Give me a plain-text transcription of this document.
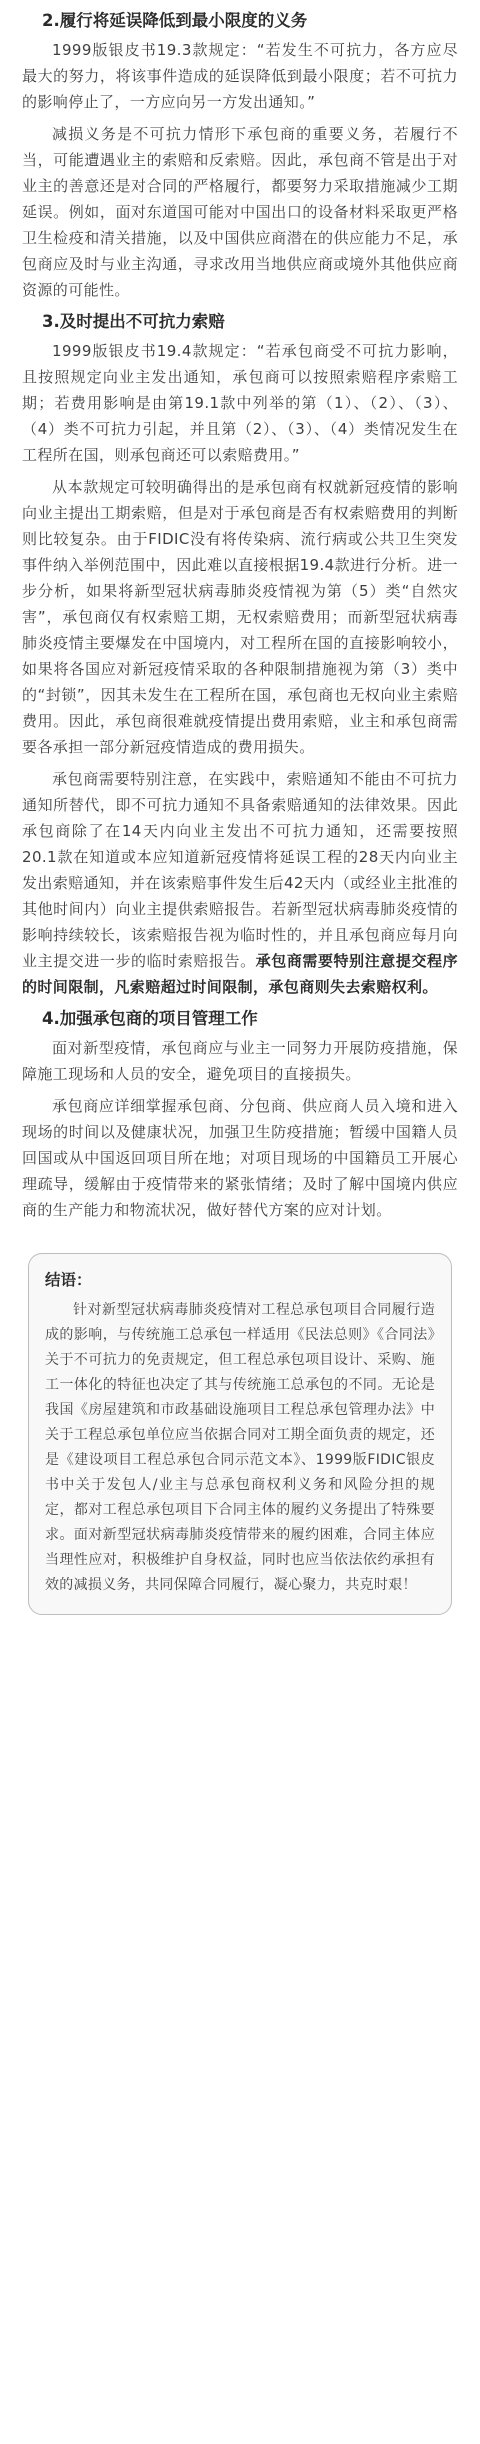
2.履行将延误降低到最小限度的义务

1999版银皮书19.3款规定：“若发生不可抗力，各方应尽最大的努力，将该事件造成的延误降低到最小限度；若不可抗力的影响停止了，一方应向另一方发出通知。”

减损义务是不可抗力情形下承包商的重要义务，若履行不当，可能遭遇业主的索赔和反索赔。因此，承包商不管是出于对业主的善意还是对合同的严格履行，都要努力采取措施减少工期延误。例如，面对东道国可能对中国出口的设备材料采取更严格卫生检疫和清关措施，以及中国供应商潜在的供应能力不足，承包商应及时与业主沟通，寻求改用当地供应商或境外其他供应商资源的可能性。

3.及时提出不可抗力索赔

1999版银皮书19.4款规定：“若承包商受不可抗力影响，且按照规定向业主发出通知，承包商可以按照索赔程序索赔工期；若费用影响是由第19.1款中列举的第（1）、（2）、（3）、（4）类不可抗力引起，并且第（2）、（3）、（4）类情况发生在工程所在国，则承包商还可以索赔费用。”

从本款规定可较明确得出的是承包商有权就新冠疫情的影响向业主提出工期索赔，但是对于承包商是否有权索赔费用的判断则比较复杂。由于FIDIC没有将传染病、流行病或公共卫生突发事件纳入举例范围中，因此难以直接根据19.4款进行分析。进一步分析，如果将新型冠状病毒肺炎疫情视为第（5）类“自然灾害”，承包商仅有权索赔工期，无权索赔费用；而新型冠状病毒肺炎疫情主要爆发在中国境内，对工程所在国的直接影响较小，如果将各国应对新冠疫情采取的各种限制措施视为第（3）类中的“封锁”，因其未发生在工程所在国，承包商也无权向业主索赔费用。因此，承包商很难就疫情提出费用索赔，业主和承包商需要各承担一部分新冠疫情造成的费用损失。

承包商需要特别注意，在实践中，索赔通知不能由不可抗力通知所替代，即不可抗力通知不具备索赔通知的法律效果。因此承包商除了在14天内向业主发出不可抗力通知，还需要按照20.1款在知道或本应知道新冠疫情将延误工程的28天内向业主发出索赔通知，并在该索赔事件发生后42天内（或经业主批准的其他时间内）向业主提供索赔报告。若新型冠状病毒肺炎疫情的影响持续较长，该索赔报告视为临时性的，并且承包商应每月向业主提交进一步的临时索赔报告。承包商需要特别注意提交程序的时间限制，凡索赔超过时间限制，承包商则失去索赔权利。

4.加强承包商的项目管理工作

面对新型疫情，承包商应与业主一同努力开展防疫措施，保障施工现场和人员的安全，避免项目的直接损失。

承包商应详细掌握承包商、分包商、供应商人员入境和进入现场的时间以及健康状况，加强卫生防疫措施；暂缓中国籍人员回国或从中国返回项目所在地；对项目现场的中国籍员工开展心理疏导，缓解由于疫情带来的紧张情绪；及时了解中国境内供应商的生产能力和物流状况，做好替代方案的应对计划。

结语：

针对新型冠状病毒肺炎疫情对工程总承包项目合同履行造成的影响，与传统施工总承包一样适用《民法总则》《合同法》关于不可抗力的免责规定，但工程总承包项目设计、采购、施工一体化的特征也决定了其与传统施工总承包的不同。无论是我国《房屋建筑和市政基础设施项目工程总承包管理办法》中关于工程总承包单位应当依据合同对工期全面负责的规定，还是《建设项目工程总承包合同示范文本》、1999版FIDIC银皮书中关于发包人/业主与总承包商权利义务和风险分担的规定，都对工程总承包项目下合同主体的履约义务提出了特殊要求。面对新型冠状病毒肺炎疫情带来的履约困难，合同主体应当理性应对，积极维护自身权益，同时也应当依法依约承担有效的减损义务，共同保障合同履行，凝心聚力，共克时艰！
